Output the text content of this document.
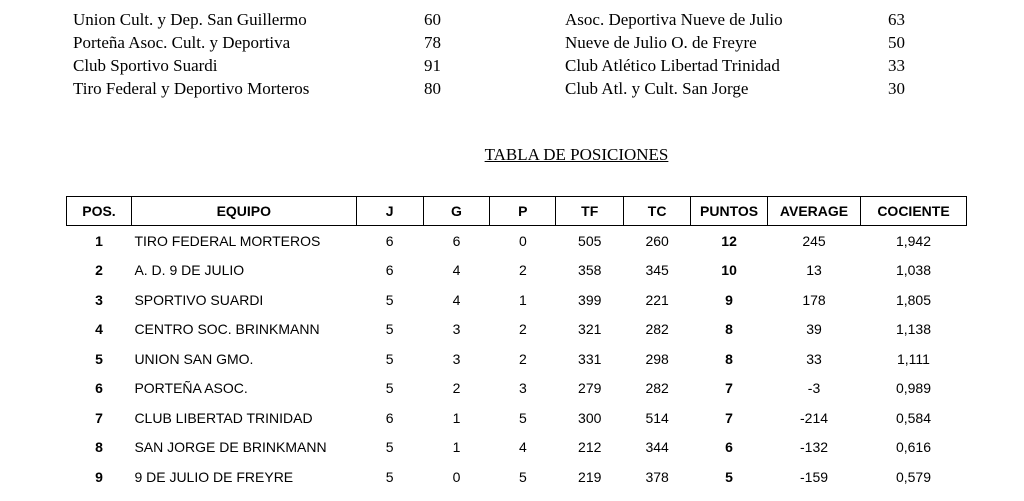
Union Cult. y Dep. San Guillermo	60	Asoc. Deportiva Nueve de Julio	63
Porteña Asoc. Cult. y Deportiva	78	Nueve de Julio O. de Freyre	50
Club Sportivo Suardi	91	Club Atlético Libertad Trinidad	33
Tiro Federal y Deportivo Morteros	80	Club Atl. y Cult. San Jorge	30
TABLA DE POSICIONES
POS.	EQUIPO	J	G	P	TF	TC	PUNTOS	AVERAGE	COCIENTE
1	TIRO FEDERAL MORTEROS	6	6	0	505	260	12	245	1,942
2	A. D. 9 DE JULIO	6	4	2	358	345	10	13	1,038
3	SPORTIVO SUARDI	5	4	1	399	221	9	178	1,805
4	CENTRO SOC. BRINKMANN	5	3	2	321	282	8	39	1,138
5	UNION SAN GMO.	5	3	2	331	298	8	33	1,111
6	PORTEÑA ASOC.	5	2	3	279	282	7	-3	0,989
7	CLUB LIBERTAD TRINIDAD	6	1	5	300	514	7	-214	0,584
8	SAN JORGE DE BRINKMANN	5	1	4	212	344	6	-132	0,616
9	9 DE JULIO DE FREYRE	5	0	5	219	378	5	-159	0,579
